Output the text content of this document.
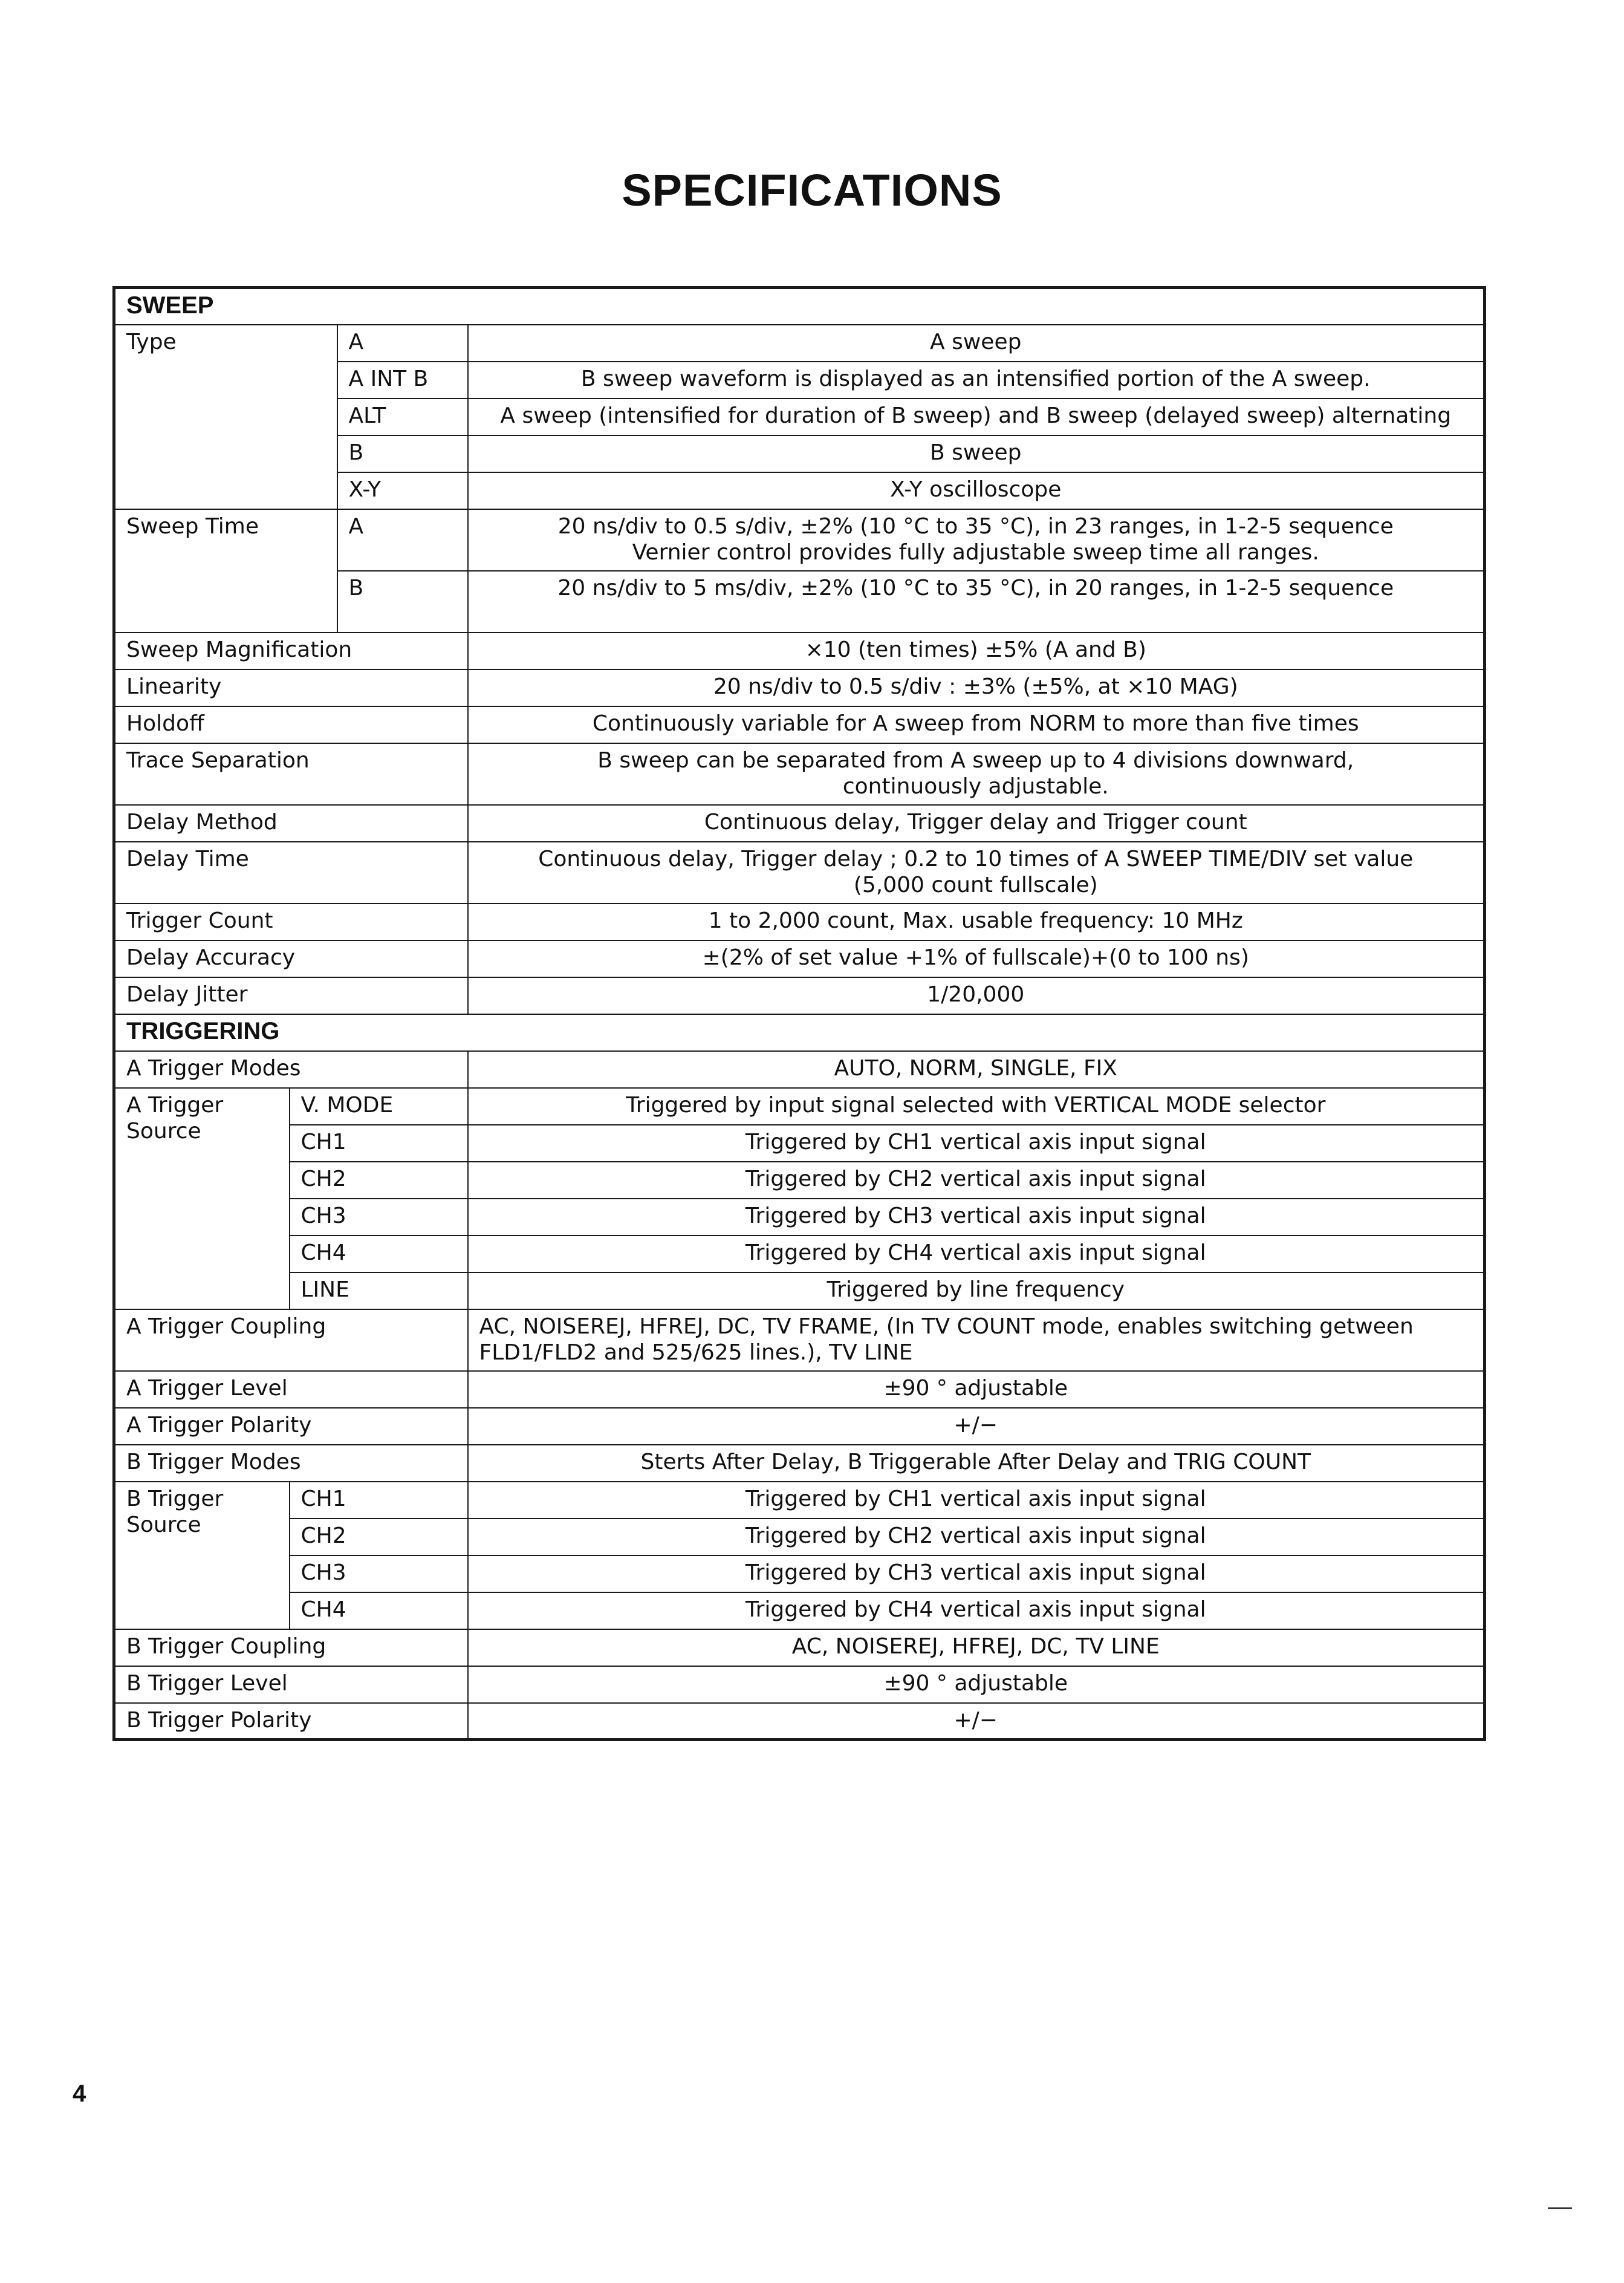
SPECIFICATIONS
SWEEP			
Type		A	A sweep
		A INT B	B sweep waveform is displayed as an intensified portion of the A sweep.
		ALT	A sweep (intensified for duration of B sweep) and B sweep (delayed sweep) alternating
		B	B sweep
		X-Y	X-Y oscilloscope
Sweep Time		A	20 ns/div to 0.5 s/div, ±2% (10 °C to 35 °C), in 23 ranges, in 1-2-5 sequence
Vernier control provides fully adjustable sweep time all ranges.

		B	20 ns/div to 5 ms/div, ±2% (10 °C to 35 °C), in 20 ranges, in 1-2-5 sequence

Sweep Magnification			×10 (ten times) ±5% (A and B)
Linearity			20 ns/div to 0.5 s/div : ±3% (±5%, at ×10 MAG)
Holdoff			Continuously variable for A sweep from NORM to more than five times
Trace Separation			B sweep can be separated from A sweep up to 4 divisions downward,
continuously adjustable.

Delay Method			Continuous delay, Trigger delay and Trigger count
Delay Time			Continuous delay, Trigger delay ; 0.2 to 10 times of A SWEEP TIME/DIV set value
(5,000 count fullscale)

Trigger Count			1 to 2,000 count, Max. usable frequency: 10 MHz
Delay Accuracy			±(2% of set value +1% of fullscale)+(0 to 100 ns)
Delay Jitter			1/20,000
TRIGGERING			
A Trigger Modes			AUTO, NORM, SINGLE, FIX

A Trigger
Source	V. MODE		Triggered by input signal selected with VERTICAL MODE selector
	CH1		Triggered by CH1 vertical axis input signal
	CH2		Triggered by CH2 vertical axis input signal
	CH3		Triggered by CH3 vertical axis input signal
	CH4		Triggered by CH4 vertical axis input signal
	LINE		Triggered by line frequency
A Trigger Coupling			AC, NOISEREJ, HFREJ, DC, TV FRAME, (In TV COUNT mode, enables switching getween
FLD1/FLD2 and 525/625 lines.), TV LINE

A Trigger Level			±90 ° adjustable
A Trigger Polarity			+/−
B Trigger Modes			Sterts After Delay, B Triggerable After Delay and TRIG COUNT

B Trigger
Source	CH1		Triggered by CH1 vertical axis input signal
	CH2		Triggered by CH2 vertical axis input signal
	CH3		Triggered by CH3 vertical axis input signal
	CH4		Triggered by CH4 vertical axis input signal
B Trigger Coupling			AC, NOISEREJ, HFREJ, DC, TV LINE
B Trigger Level			±90 ° adjustable
B Trigger Polarity			+/−
4
